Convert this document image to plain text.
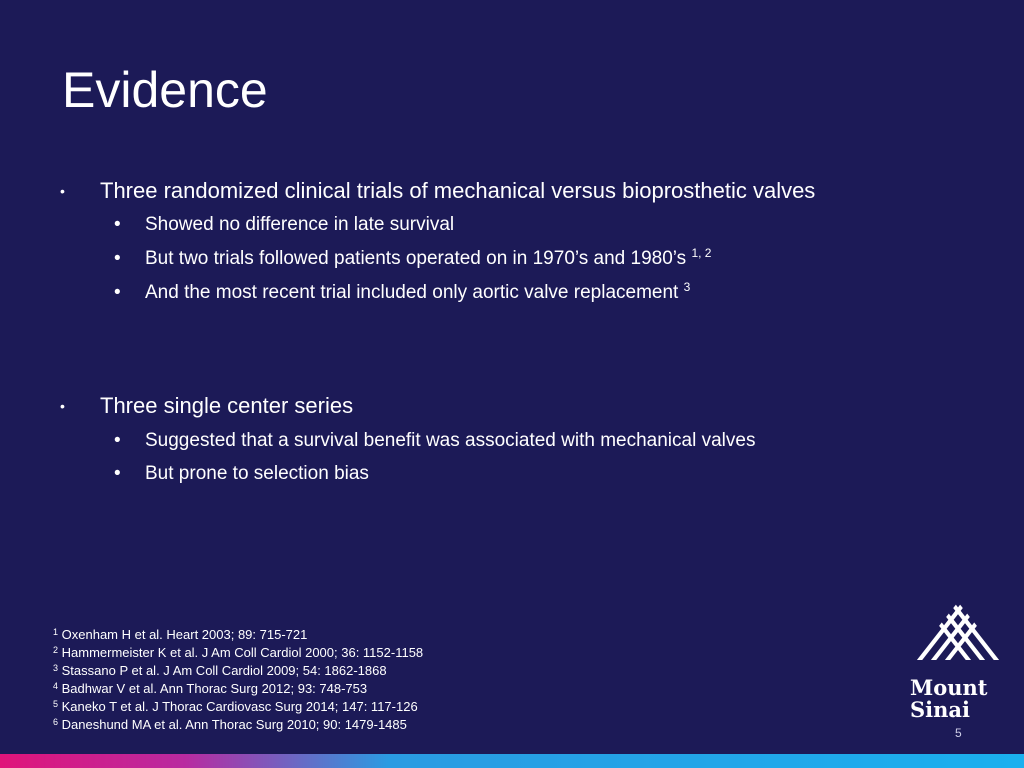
Evidence
• Three randomized clinical trials of mechanical versus bioprosthetic valves
• Showed no difference in late survival
• But two trials followed patients operated on in 1970’s and 1980’s $^{1, 2}$
• And the most recent trial included only aortic valve replacement $^3$
• Three single center series
• Suggested that a survival benefit was associated with mechanical valves
• But prone to selection bias
$^1$ Oxenham H et al. Heart 2003; 89: 715-721
$^2$ Hammermeister K et al. J Am Coll Cardiol 2000; 36: 1152-1158
$^3$ Stassano P et al. J Am Coll Cardiol 2009; 54: 1862-1868
$^4$ Badhwar V et al. Ann Thorac Surg 2012; 93: 748-753
$^5$ Kaneko T et al. J Thorac Cardiovasc Surg 2014; 147: 117-126
$^6$ Daneshund MA et al. Ann Thorac Surg 2010; 90: 1479-1485
Mount
Sinai
5
